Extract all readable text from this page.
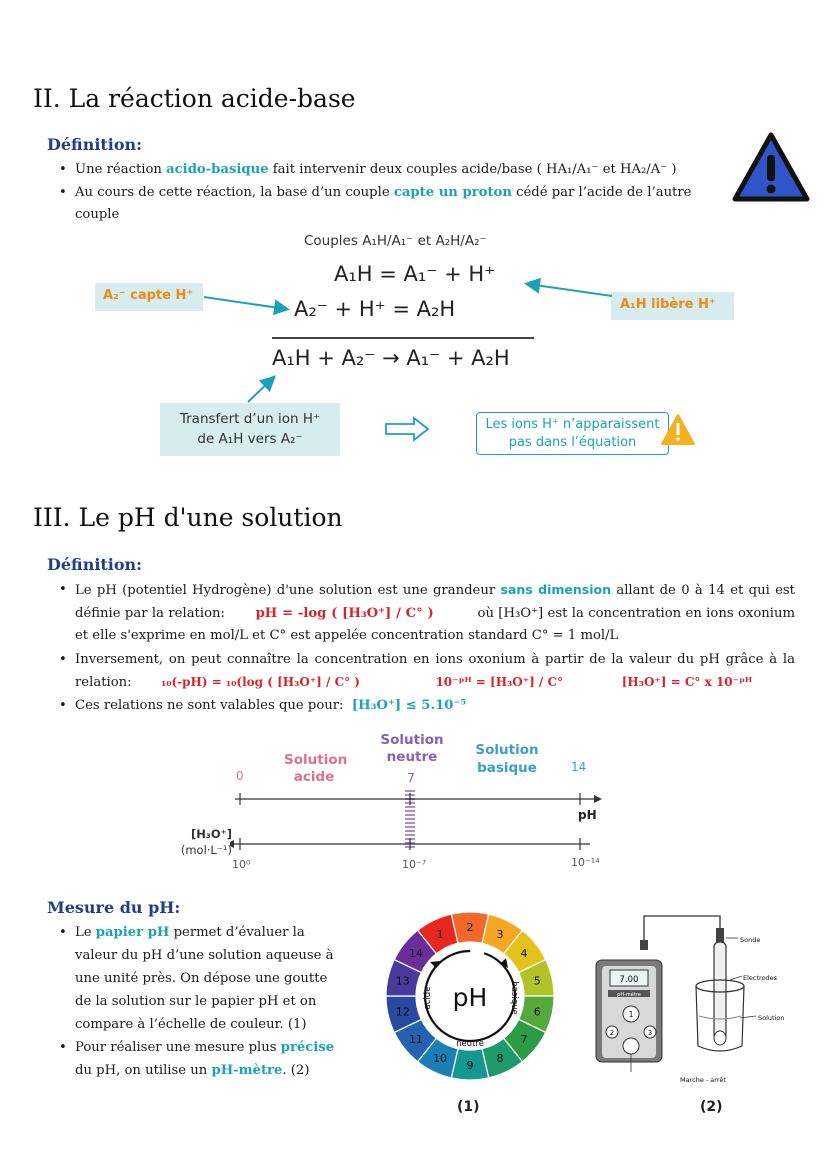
II. La réaction acide-base
Définition:
• Une réaction acido-basique fait intervenir deux couples acide/base ( HA₁/A₁⁻ et HA₂/A⁻ )
• Au cours de cette réaction, la base d’un couple capte un proton cédé par l’acide de l’autre couple
Couples A₁H/A₁⁻ et A₂H/A₂⁻
A₁H = A₁⁻ + H⁺
A₂⁻ + H⁺ = A₂H
A₁H + A₂⁻ → A₁⁻ + A₂H
A₂⁻ capte H⁺
A₁H libère H⁺
Transfert d’un ion H⁺
de A₁H vers A₂⁻
Les ions H⁺ n’apparaissent
pas dans l’équation
III. Le pH d'une solution
Définition:
• Le pH (potentiel Hydrogène) d'une solution est une grandeur sans dimension allant de 0 à 14 et qui est définie par la relation: pH = -log ( [H₃O⁺] / C° )	où [H₃O⁺] est la concentration en ions oxonium et elle s'exprime en mol/L et C° est appelée concentration standard C° = 1 mol/L
• Inversement, on peut connaître la concentration en ions oxonium à partir de la valeur du pH grâce à la relation: ₁₀(-pH) = ₁₀(log ( [H₃O⁺] / C° )	10⁻ᵖᴴ = [H₃O⁺] / C°	[H₃O⁺] = C° x 10⁻ᵖᴴ
• Ces relations ne sont valables que pour: [H₃O⁺] ≤ 5.10⁻⁵
Solution
acide
Solution
neutre	Solution
basique
0	7
14
pH
10⁻¹⁴
10⁻⁷
10⁰
[H₃O⁺]
(mol·L⁻¹)
Mesure du pH:
• Le papier pH permet d’évaluer la valeur du pH d’une solution aqueuse à une unité près. On dépose une goutte de la solution sur le papier pH et on compare à l’échelle de couleur. (1)
• Pour réaliser une mesure plus précise du pH, on utilise un pH-mètre. (2)
1
2
3
4
5
6
7
8
9
10
11
12
13
14
pH
acide	basique
neutre
(1)
7.00
pH-mètre
1
2	3
Sonde
Electrodes
Solution
Marche - arrêt
(2)
